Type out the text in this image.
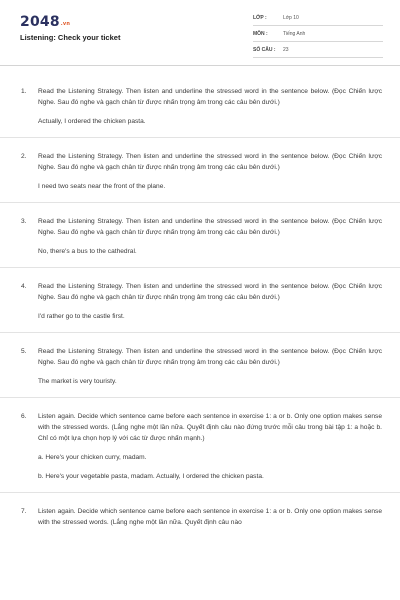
2048.vn
Listening: Check your ticket
LỚP :	Lớp 10
MÔN :	Tiếng Anh
SỐ CÂU : 23
1. Read the Listening Strategy. Then listen and underline the stressed word in the sentence below. (Đọc Chiến lược Nghe. Sau đó nghe và gạch chân từ được nhấn trọng âm trong các câu bên dưới.)

Actually, I ordered the chicken pasta.

2. Read the Listening Strategy. Then listen and underline the stressed word in the sentence below. (Đọc Chiến lược Nghe. Sau đó nghe và gạch chân từ được nhấn trọng âm trong các câu bên dưới.)

I need two seats near the front of the plane.

3. Read the Listening Strategy. Then listen and underline the stressed word in the sentence below. (Đọc Chiến lược Nghe. Sau đó nghe và gạch chân từ được nhấn trọng âm trong các câu bên dưới.)

No, there's a bus to the cathedral.

4. Read the Listening Strategy. Then listen and underline the stressed word in the sentence below. (Đọc Chiến lược Nghe. Sau đó nghe và gạch chân từ được nhấn trọng âm trong các câu bên dưới.)

I'd rather go to the castle first.

5. Read the Listening Strategy. Then listen and underline the stressed word in the sentence below. (Đọc Chiến lược Nghe. Sau đó nghe và gạch chân từ được nhấn trọng âm trong các câu bên dưới.)

The market is very touristy.

6. Listen again. Decide which sentence came before each sentence in exercise 1: a or b. Only one option makes sense with the stressed words. (Lắng nghe một lần nữa. Quyết định câu nào đứng trước mỗi câu trong bài tập 1: a hoặc b. Chỉ có một lựa chọn hợp lý với các từ được nhấn mạnh.)

a. Here's your chicken curry, madam.

b. Here's your vegetable pasta, madam. Actually, I ordered the chicken pasta.

7. Listen again. Decide which sentence came before each sentence in exercise 1: a or b. Only one option makes sense with the stressed words. (Lắng nghe một lần nữa. Quyết định câu nào
